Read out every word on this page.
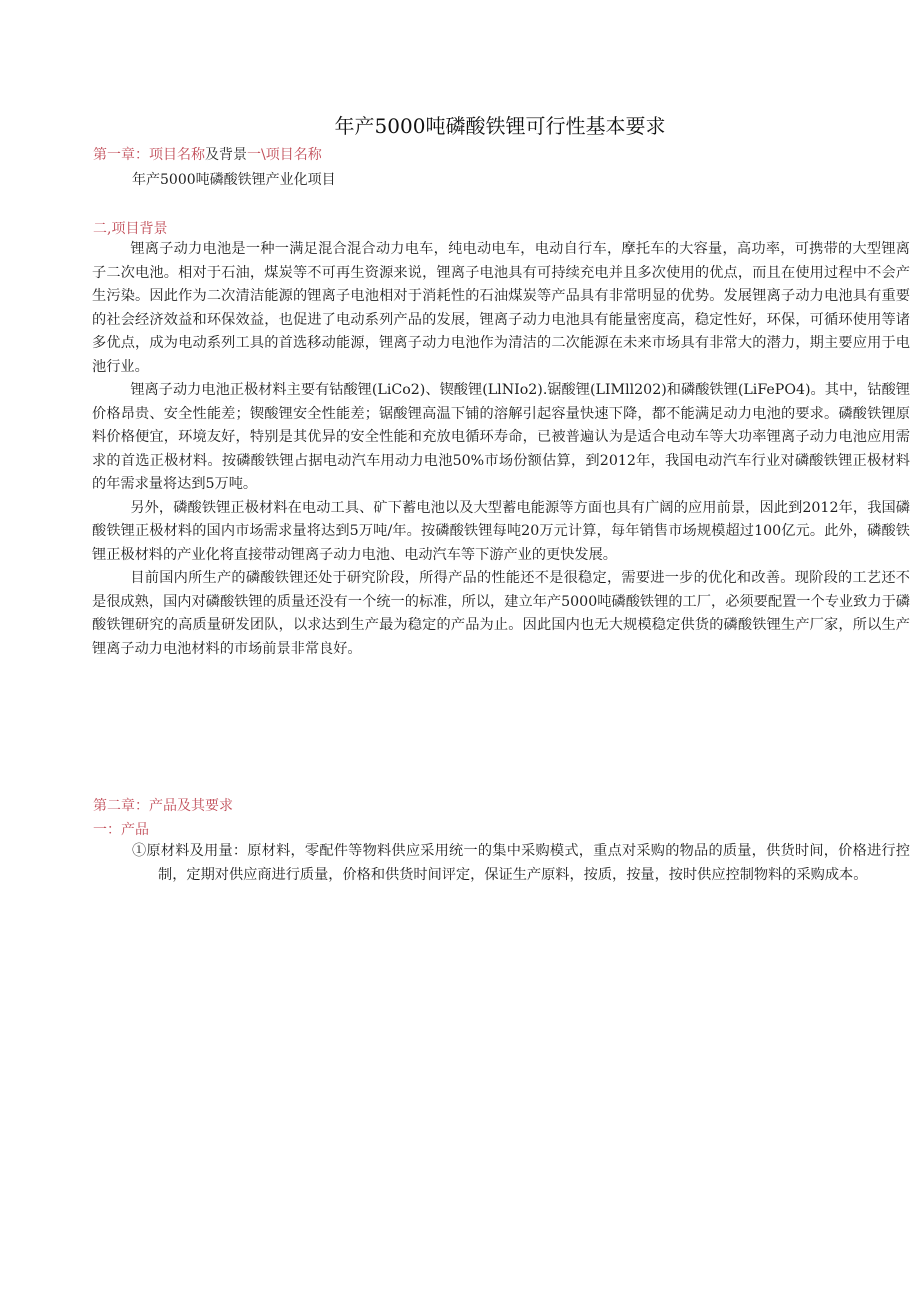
年产5000吨磷酸铁锂可行性基本要求
第一章：项目名称及背景一\项目名称
年产5000吨磷酸铁锂产业化项目
二,项目背景

锂离子动力电池是一种一满足混合混合动力电车，纯电动电车，电动自行车，摩托车的大容量，高功率，可携带的大型锂离子二次电池。相对于石油，煤炭等不可再生资源来说，锂离子电池具有可持续充电并且多次使用的优点，而且在使用过程中不会产生污染。因此作为二次清洁能源的锂离子电池相对于消耗性的石油煤炭等产品具有非常明显的优势。发展锂离子动力电池具有重要的社会经济效益和环保效益，也促进了电动系列产品的发展，锂离子动力电池具有能量密度高，稳定性好，环保，可循环使用等诸多优点，成为电动系列工具的首选移动能源，锂离子动力电池作为清洁的二次能源在未来市场具有非常大的潜力，期主要应用于电池行业。

锂离子动力电池正极材料主要有钴酸锂(LiCo2)、锲酸锂(LlNIo2).锯酸锂(LIMll202)和磷酸铁锂(LiFePO4)。其中，钴酸锂价格昂贵、安全性能差；锲酸锂安全性能差；锯酸锂高温下铺的溶解引起容量快速下降，都不能满足动力电池的要求。磷酸铁锂原料价格便宜，环境友好，特别是其优异的安全性能和充放电循环寿命，已被普遍认为是适合电动车等大功率锂离子动力电池应用需求的首选正极材料。按磷酸铁锂占据电动汽车用动力电池50%市场份额估算，到2012年，我国电动汽车行业对磷酸铁锂正极材料的年需求量将达到5万吨。

另外，磷酸铁锂正极材料在电动工具、矿下蓄电池以及大型蓄电能源等方面也具有广阔的应用前景，因此到2012年，我国磷酸铁锂正极材料的国内市场需求量将达到5万吨/年。按磷酸铁锂每吨20万元计算，每年销售市场规模超过100亿元。此外，磷酸铁锂正极材料的产业化将直接带动锂离子动力电池、电动汽车等下游产业的更快发展。

目前国内所生产的磷酸铁锂还处于研究阶段，所得产品的性能还不是很稳定，需要进一步的优化和改善。现阶段的工艺还不是很成熟，国内对磷酸铁锂的质量还没有一个统一的标准，所以，建立年产5000吨磷酸铁锂的工厂，必须要配置一个专业致力于磷酸铁锂研究的高质量研发团队，以求达到生产最为稳定的产品为止。因此国内也无大规模稳定供货的磷酸铁锂生产厂家，所以生产锂离子动力电池材料的市场前景非常良好。

第二章：产品及其要求
一：产品

①原材料及用量：原材料，零配件等物料供应采用统一的集中采购模式，重点对采购的物品的质量，供货时间，价格进行控制，定期对供应商进行质量，价格和供货时间评定，保证生产原料，按质，按量，按时供应控制物料的采购成本。
